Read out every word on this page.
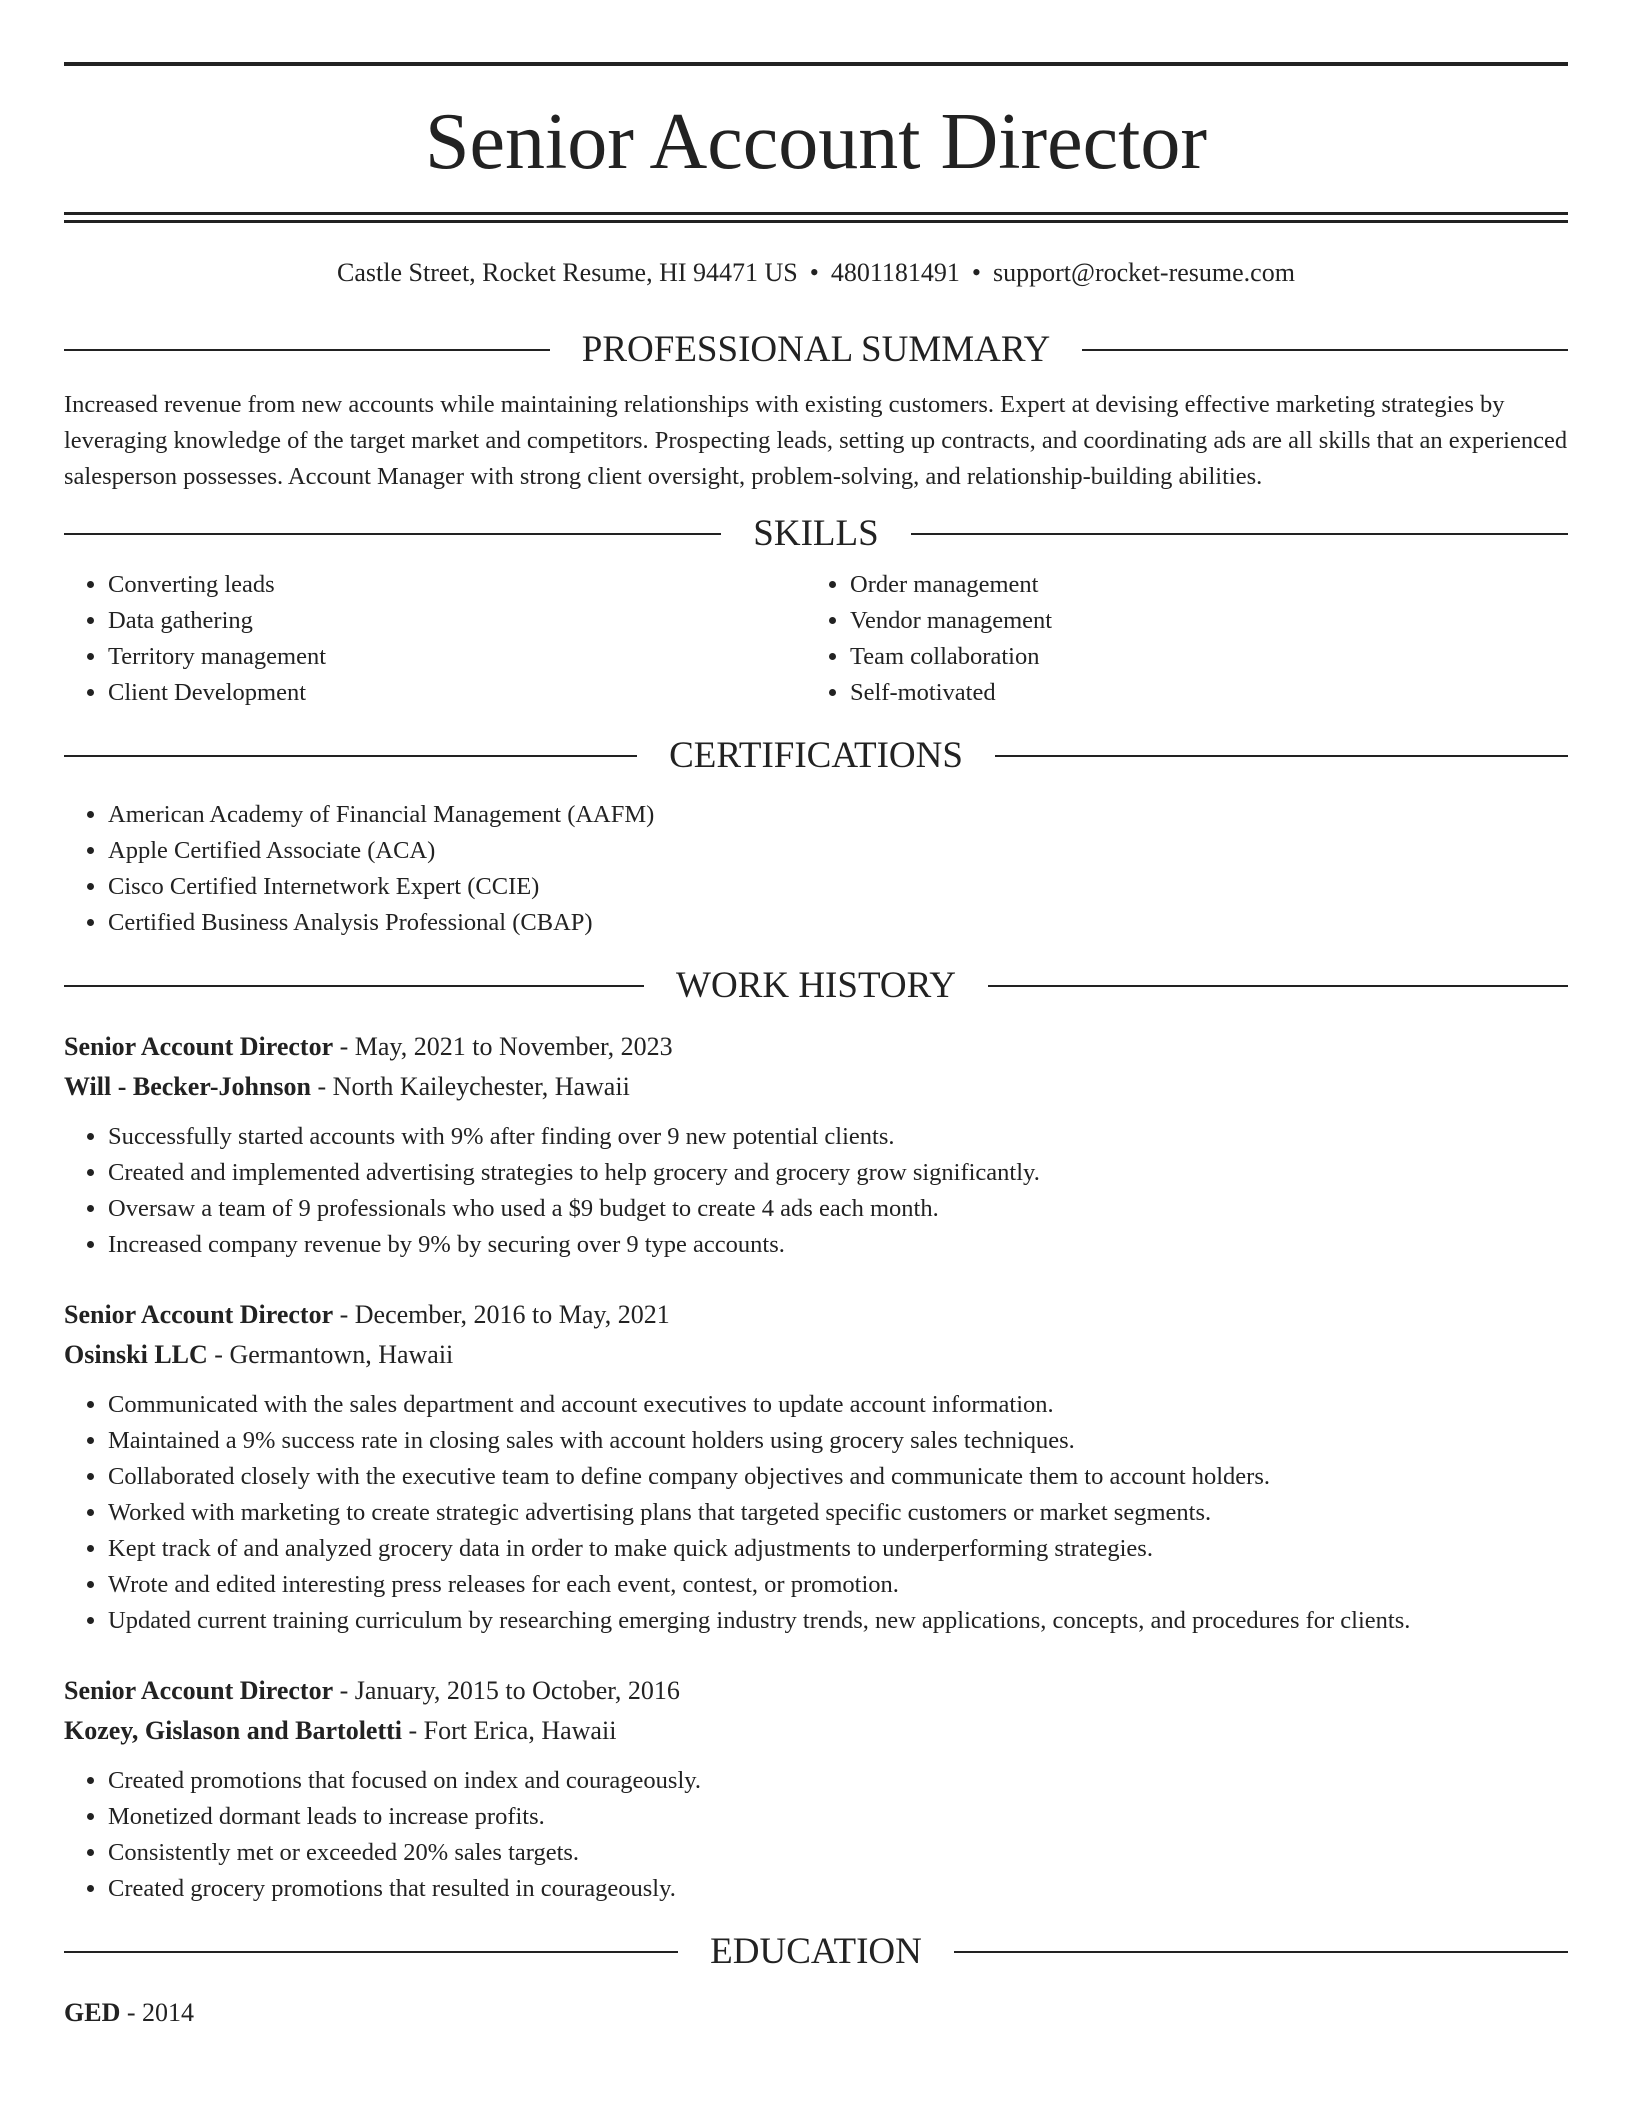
Senior Account Director
Castle Street, Rocket Resume, HI 94471 US • 4801181491 • support@rocket-resume.com
PROFESSIONAL SUMMARY

Increased revenue from new accounts while maintaining relationships with existing customers. Expert at devising effective marketing strategies by leveraging knowledge of the target market and competitors. Prospecting leads, setting up contracts, and coordinating ads are all skills that an experienced salesperson possesses. Account Manager with strong client oversight, problem-solving, and relationship-building abilities.

SKILLS
• Converting leads
• Data gathering
• Territory management
• Client Development
• Order management
• Vendor management
• Team collaboration
• Self-motivated
CERTIFICATIONS
• American Academy of Financial Management (AAFM)
• Apple Certified Associate (ACA)
• Cisco Certified Internetwork Expert (CCIE)
• Certified Business Analysis Professional (CBAP)
WORK HISTORY
Senior Account Director - May, 2021 to November, 2023
Will - Becker-Johnson - North Kaileychester, Hawaii
• Successfully started accounts with 9% after finding over 9 new potential clients.
• Created and implemented advertising strategies to help grocery and grocery grow significantly.
• Oversaw a team of 9 professionals who used a $9 budget to create 4 ads each month.
• Increased company revenue by 9% by securing over 9 type accounts.
Senior Account Director - December, 2016 to May, 2021
Osinski LLC - Germantown, Hawaii
• Communicated with the sales department and account executives to update account information.
• Maintained a 9% success rate in closing sales with account holders using grocery sales techniques.
• Collaborated closely with the executive team to define company objectives and communicate them to account holders.
• Worked with marketing to create strategic advertising plans that targeted specific customers or market segments.
• Kept track of and analyzed grocery data in order to make quick adjustments to underperforming strategies.
• Wrote and edited interesting press releases for each event, contest, or promotion.
• Updated current training curriculum by researching emerging industry trends, new applications, concepts, and procedures for clients.
Senior Account Director - January, 2015 to October, 2016
Kozey, Gislason and Bartoletti - Fort Erica, Hawaii
• Created promotions that focused on index and courageously.
• Monetized dormant leads to increase profits.
• Consistently met or exceeded 20% sales targets.
• Created grocery promotions that resulted in courageously.
EDUCATION
GED - 2014
